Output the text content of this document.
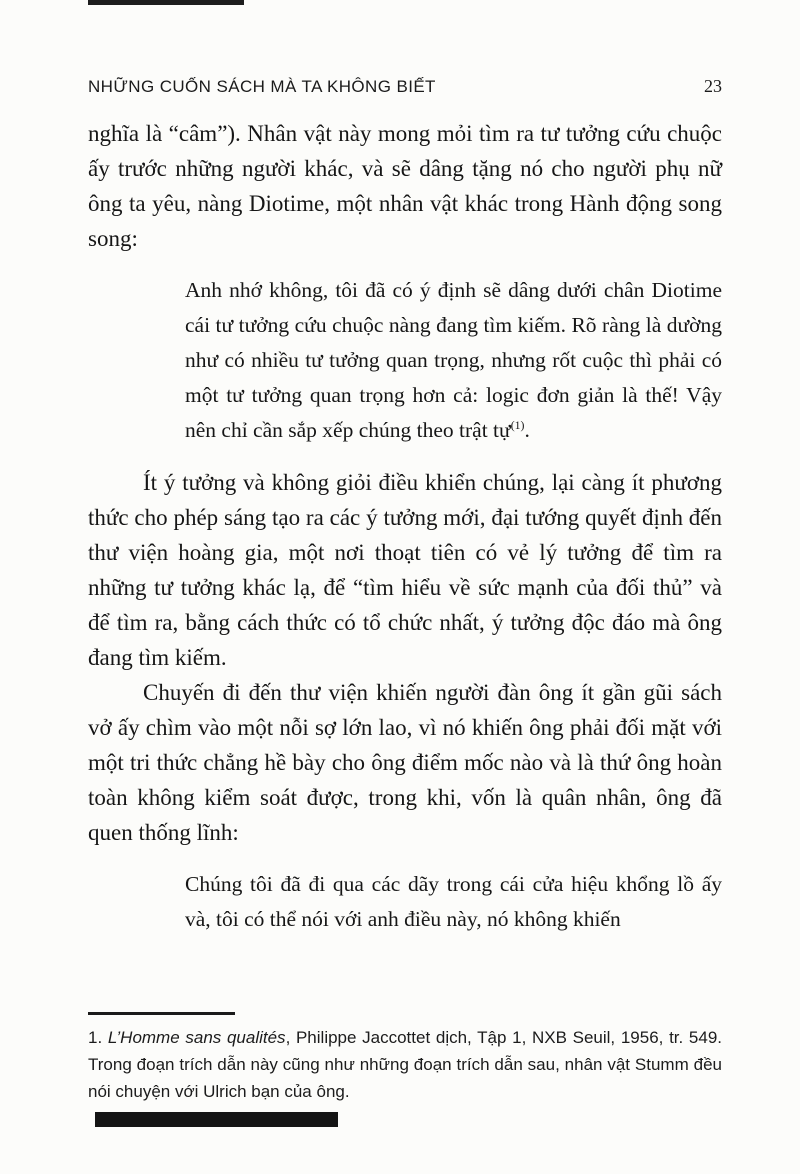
NHỮNG CUỐN SÁCH MÀ TA KHÔNG BIẾT	23

nghĩa là “câm”). Nhân vật này mong mỏi tìm ra tư tưởng cứu chuộc ấy trước những người khác, và sẽ dâng tặng nó cho người phụ nữ ông ta yêu, nàng Diotime, một nhân vật khác trong Hành động song song:

Anh nhớ không, tôi đã có ý định sẽ dâng dưới chân Diotime cái tư tưởng cứu chuộc nàng đang tìm kiếm. Rõ ràng là dường như có nhiều tư tưởng quan trọng, nhưng rốt cuộc thì phải có một tư tưởng quan trọng hơn cả: logic đơn giản là thế! Vậy nên chỉ cần sắp xếp chúng theo trật tự$^{(1)}$.

Ít ý tưởng và không giỏi điều khiển chúng, lại càng ít phương thức cho phép sáng tạo ra các ý tưởng mới, đại tướng quyết định đến thư viện hoàng gia, một nơi thoạt tiên có vẻ lý tưởng để tìm ra những tư tưởng khác lạ, để “tìm hiểu về sức mạnh của đối thủ” và để tìm ra, bằng cách thức có tổ chức nhất, ý tưởng độc đáo mà ông đang tìm kiếm.

Chuyến đi đến thư viện khiến người đàn ông ít gần gũi sách vở ấy chìm vào một nỗi sợ lớn lao, vì nó khiến ông phải đối mặt với một tri thức chẳng hề bày cho ông điểm mốc nào và là thứ ông hoàn toàn không kiểm soát được, trong khi, vốn là quân nhân, ông đã quen thống lĩnh:

Chúng tôi đã đi qua các dãy trong cái cửa hiệu khổng lồ ấy và, tôi có thể nói với anh điều này, nó không khiến

1. L’Homme sans qualités, Philippe Jaccottet dịch, Tập 1, NXB Seuil, 1956, tr. 549. Trong đoạn trích dẫn này cũng như những đoạn trích dẫn sau, nhân vật Stumm đều nói chuyện với Ulrich bạn của ông.
